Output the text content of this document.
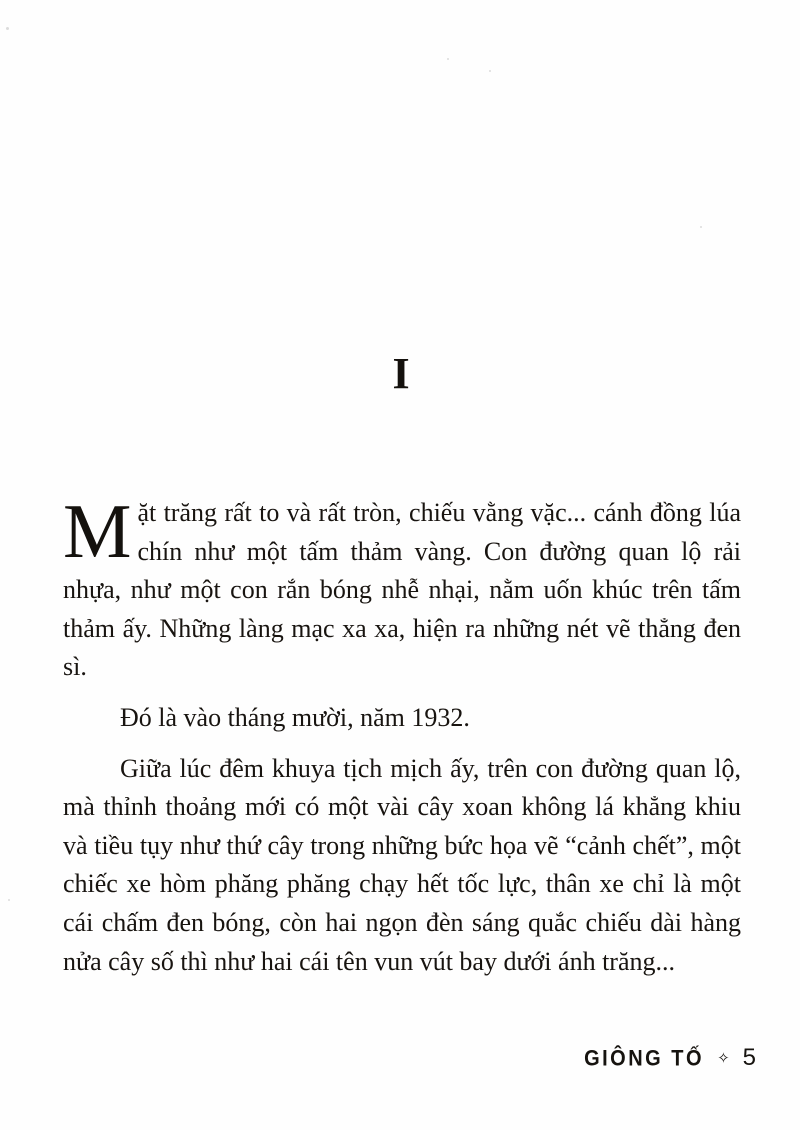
I

Mặt trăng rất to và rất tròn, chiếu vằng vặc... cánh đồng lúa chín như một tấm thảm vàng. Con đường quan lộ rải nhựa, như một con rắn bóng nhễ nhại, nằm uốn khúc trên tấm thảm ấy. Những làng mạc xa xa, hiện ra những nét vẽ thẳng đen sì.

Đó là vào tháng mười, năm 1932.

Giữa lúc đêm khuya tịch mịch ấy, trên con đường quan lộ, mà thỉnh thoảng mới có một vài cây xoan không lá khẳng khiu và tiều tụy như thứ cây trong những bức họa vẽ “cảnh chết”, một chiếc xe hòm phăng phăng chạy hết tốc lực, thân xe chỉ là một cái chấm đen bóng, còn hai ngọn đèn sáng quắc chiếu dài hàng nửa cây số thì như hai cái tên vun vút bay dưới ánh trăng...

GIÔNG TỐ ✧ 5
